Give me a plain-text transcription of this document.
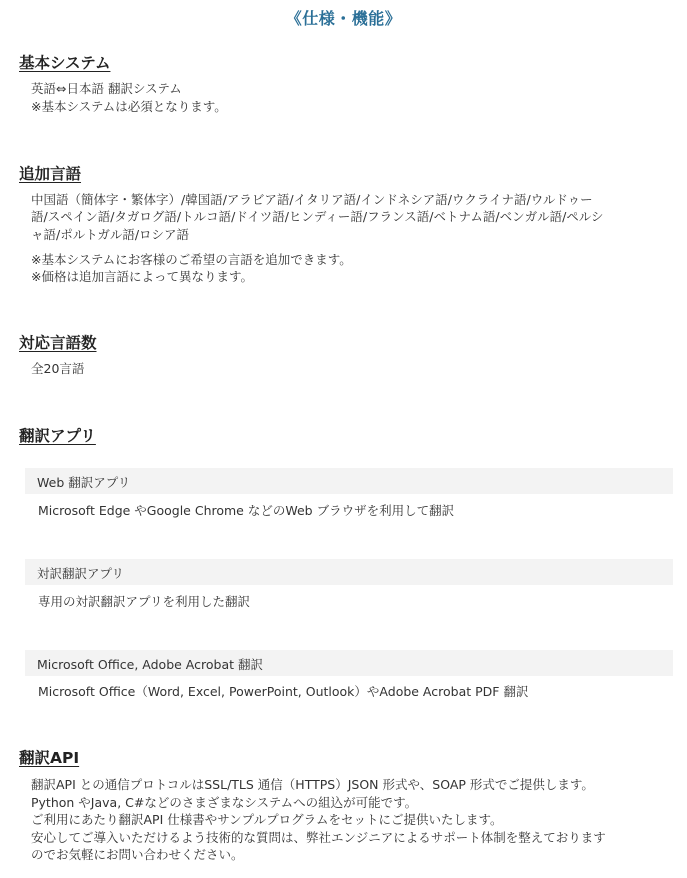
《仕様・機能》
基本システム
英語⇔日本語 翻訳システム
※基本システムは必須となります。
追加言語
中国語（簡体字・繁体字）/韓国語/アラビア語/イタリア語/インドネシア語/ウクライナ語/ウルドゥー
語/スペイン語/タガログ語/トルコ語/ドイツ語/ヒンディー語/フランス語/ベトナム語/ベンガル語/ペルシ
ャ語/ポルトガル語/ロシア語
※基本システムにお客様のご希望の言語を追加できます。
※価格は追加言語によって異なります。
対応言語数
全20言語
翻訳アプリ
Web 翻訳アプリ
Microsoft Edge やGoogle Chrome などのWeb ブラウザを利用して翻訳
対訳翻訳アプリ
専用の対訳翻訳アプリを利用した翻訳
Microsoft Office, Adobe Acrobat 翻訳
Microsoft Office（Word, Excel, PowerPoint, Outlook）やAdobe Acrobat PDF 翻訳
翻訳API
翻訳API との通信プロトコルはSSL/TLS 通信（HTTPS）JSON 形式や、SOAP 形式でご提供します。
Python やJava, C#などのさまざまなシステムへの組込が可能です。
ご利用にあたり翻訳API 仕様書やサンプルプログラムをセットにご提供いたします。
安心してご導入いただけるよう技術的な質問は、弊社エンジニアによるサポート体制を整えております
のでお気軽にお問い合わせください。
